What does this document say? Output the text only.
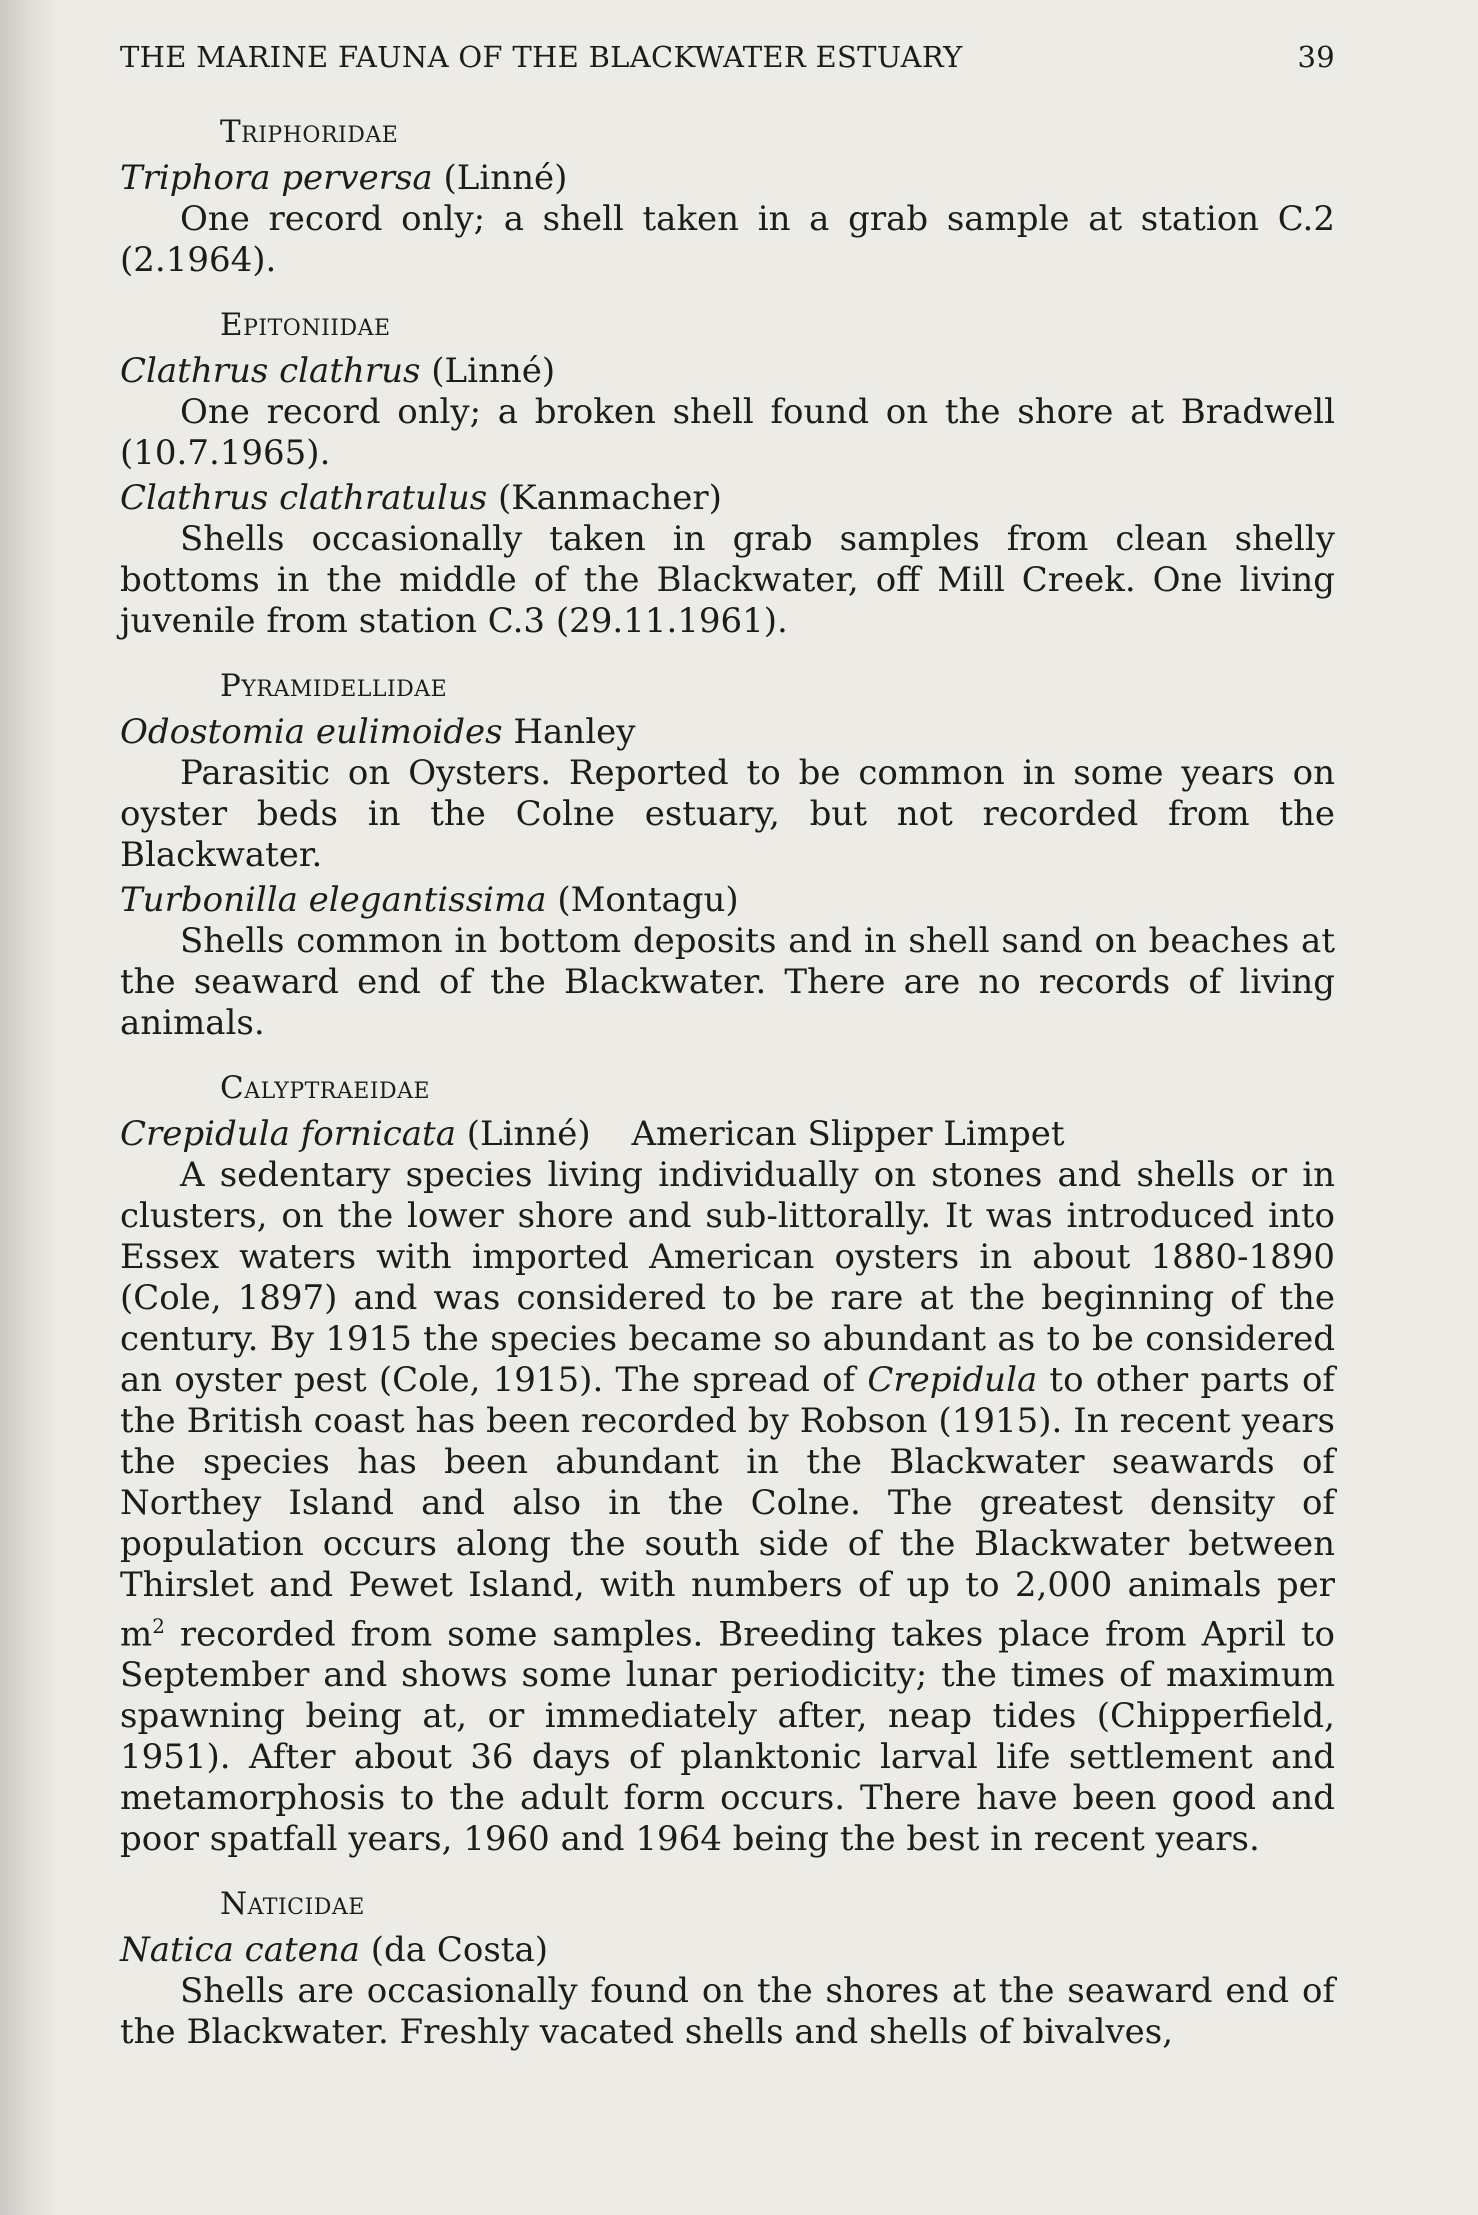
THE MARINE FAUNA OF THE BLACKWATER ESTUARY	39
Triphoridae
Triphora perversa (Linné)

One record only; a shell taken in a grab sample at station C.2 (2.1964).

Epitoniidae
Clathrus clathrus (Linné)

One record only; a broken shell found on the shore at Bradwell (10.7.1965).

Clathrus clathratulus (Kanmacher)

Shells occasionally taken in grab samples from clean shelly bottoms in the middle of the Blackwater, off Mill Creek. One living juvenile from station C.3 (29.11.1961).

Pyramidellidae
Odostomia eulimoides Hanley

Parasitic on Oysters. Reported to be common in some years on oyster beds in the Colne estuary, but not recorded from the Blackwater.

Turbonilla elegantissima (Montagu)

Shells common in bottom deposits and in shell sand on beaches at the seaward end of the Blackwater. There are no records of living animals.

Calyptraeidae
Crepidula fornicata (Linné) American Slipper Limpet

A sedentary species living individually on stones and shells or in clusters, on the lower shore and sub-littorally. It was introduced into Essex waters with imported American oysters in about 1880-1890 (Cole, 1897) and was considered to be rare at the beginning of the century. By 1915 the species became so abundant as to be considered an oyster pest (Cole, 1915). The spread of Crepidula to other parts of the British coast has been recorded by Robson (1915). In recent years the species has been abundant in the Blackwater seawards of Northey Island and also in the Colne. The greatest density of population occurs along the south side of the Blackwater between Thirslet and Pewet Island, with numbers of up to 2,000 animals per $m^2$ recorded from some samples. Breeding takes place from April to September and shows some lunar periodicity; the times of maximum spawning being at, or immediately after, neap tides (Chipperfield, 1951). After about 36 days of planktonic larval life settlement and metamorphosis to the adult form occurs. There have been good and poor spatfall years, 1960 and 1964 being the best in recent years.

Naticidae
Natica catena (da Costa)

Shells are occasionally found on the shores at the seaward end of the Blackwater. Freshly vacated shells and shells of bivalves,
